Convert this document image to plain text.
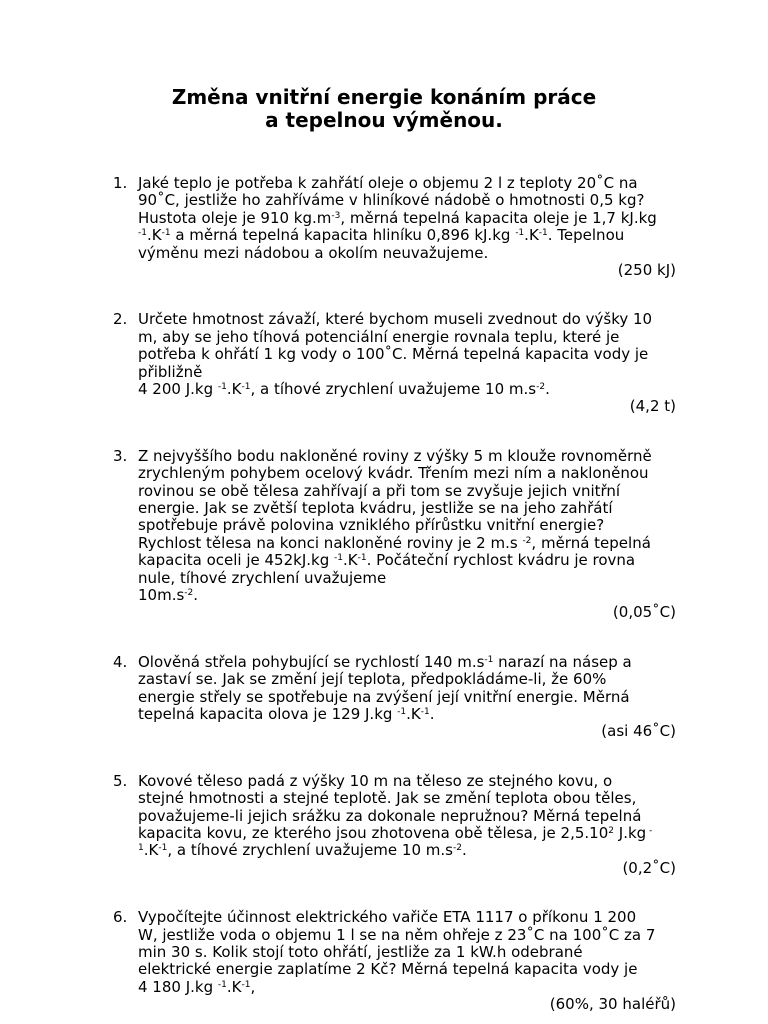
Změna vnitřní energie konáním práce
a tepelnou výměnou.
1. Jaké teplo je potřeba k zahřátí oleje o objemu 2 l z teploty 20˚C na
90˚C, jestliže ho zahříváme v hliníkové nádobě o hmotnosti 0,5 kg?
Hustota oleje je 910 $kg.m^{-3}$, měrná tepelná kapacita oleje je 1,7 kJ.kg
$^{-1}.K^{-1}$ a měrná tepelná kapacita hliníku 0,896 kJ.kg $^{-1}.K^{-1}$. Tepelnou
výměnu mezi nádobou a okolím neuvažujeme.
(250 kJ)
2. Určete hmotnost závaží, které bychom museli zvednout do výšky 10
m, aby se jeho tíhová potenciální energie rovnala teplu, které je
potřeba k ohřátí 1 kg vody o 100˚C. Měrná tepelná kapacita vody je
přibližně
4 200 J.kg $^{-1}.K^{-1}$, a tíhové zrychlení uvažujeme 10 $m.s^{-2}$.
(4,2 t)
3. Z nejvyššího bodu nakloněné roviny z výšky 5 m klouže rovnoměrně
zrychleným pohybem ocelový kvádr. Třením mezi ním a nakloněnou
rovinou se obě tělesa zahřívají a při tom se zvyšuje jejich vnitřní
energie. Jak se zvětší teplota kvádru, jestliže se na jeho zahřátí
spotřebuje právě polovina vzniklého přírůstku vnitřní energie?
Rychlost tělesa na konci nakloněné roviny je 2 m.s $^{-2}$, měrná tepelná
kapacita oceli je 452kJ.kg $^{-1}.K^{-1}$. Počáteční rychlost kvádru je rovna
nule, tíhové zrychlení uvažujeme
$10m.s^{-2}$.
(0,05˚C)
4. Olověná střela pohybující se rychlostí 140 $m.s^{-1}$ narazí na násep a
zastaví se. Jak se změní její teplota, předpokládáme-li, že 60%
energie střely se spotřebuje na zvýšení její vnitřní energie. Měrná
tepelná kapacita olova je 129 J.kg $^{-1}.K^{-1}$.
(asi 46˚C)
5. Kovové těleso padá z výšky 10 m na těleso ze stejného kovu, o
stejné hmotnosti a stejné teplotě. Jak se změní teplota obou těles,
považujeme-li jejich srážku za dokonale nepružnou? Měrná tepelná
kapacita kovu, ze kterého jsou zhotovena obě tělesa, je 2,5.10$^2$ J.kg -
$^1.K^{-1}$, a tíhové zrychlení uvažujeme 10 $m.s^{-2}$.
(0,2˚C)
6. Vypočítejte účinnost elektrického vařiče ETA 1117 o příkonu 1 200
W, jestliže voda o objemu 1 l se na něm ohřeje z 23˚C na 100˚C za 7
min 30 s. Kolik stojí toto ohřátí, jestliže za 1 kW.h odebrané
elektrické energie zaplatíme 2 Kč? Měrná tepelná kapacita vody je
4 180 J.kg $^{-1}.K^{-1}$,
(60%, 30 haléřů)
